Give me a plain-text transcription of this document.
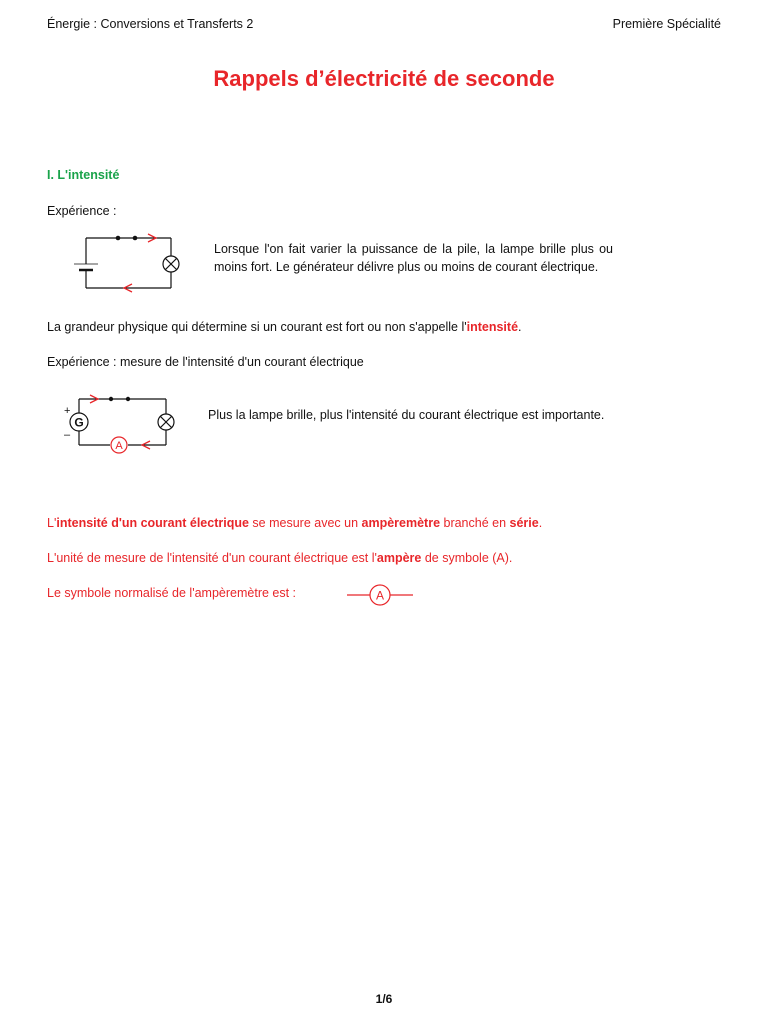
Énergie : Conversions et Transferts 2	Première Spécialité
Rappels d’électricité de seconde
I. L'intensité
Expérience :
Lorsque l'on fait varier la puissance de la pile, la lampe brille plus ou moins fort. Le générateur délivre plus ou moins de courant électrique.
La grandeur physique qui détermine si un courant est fort ou non s'appelle l'intensité.
Expérience : mesure de l'intensité d'un courant électrique
G
+
–
A
Plus la lampe brille, plus l'intensité du courant électrique est importante.
L'intensité d'un courant électrique se mesure avec un ampèremètre branché en série.
L'unité de mesure de l'intensité d'un courant électrique est l'ampère de symbole (A).
Le symbole normalisé de l'ampèremètre est :	A
1/6
